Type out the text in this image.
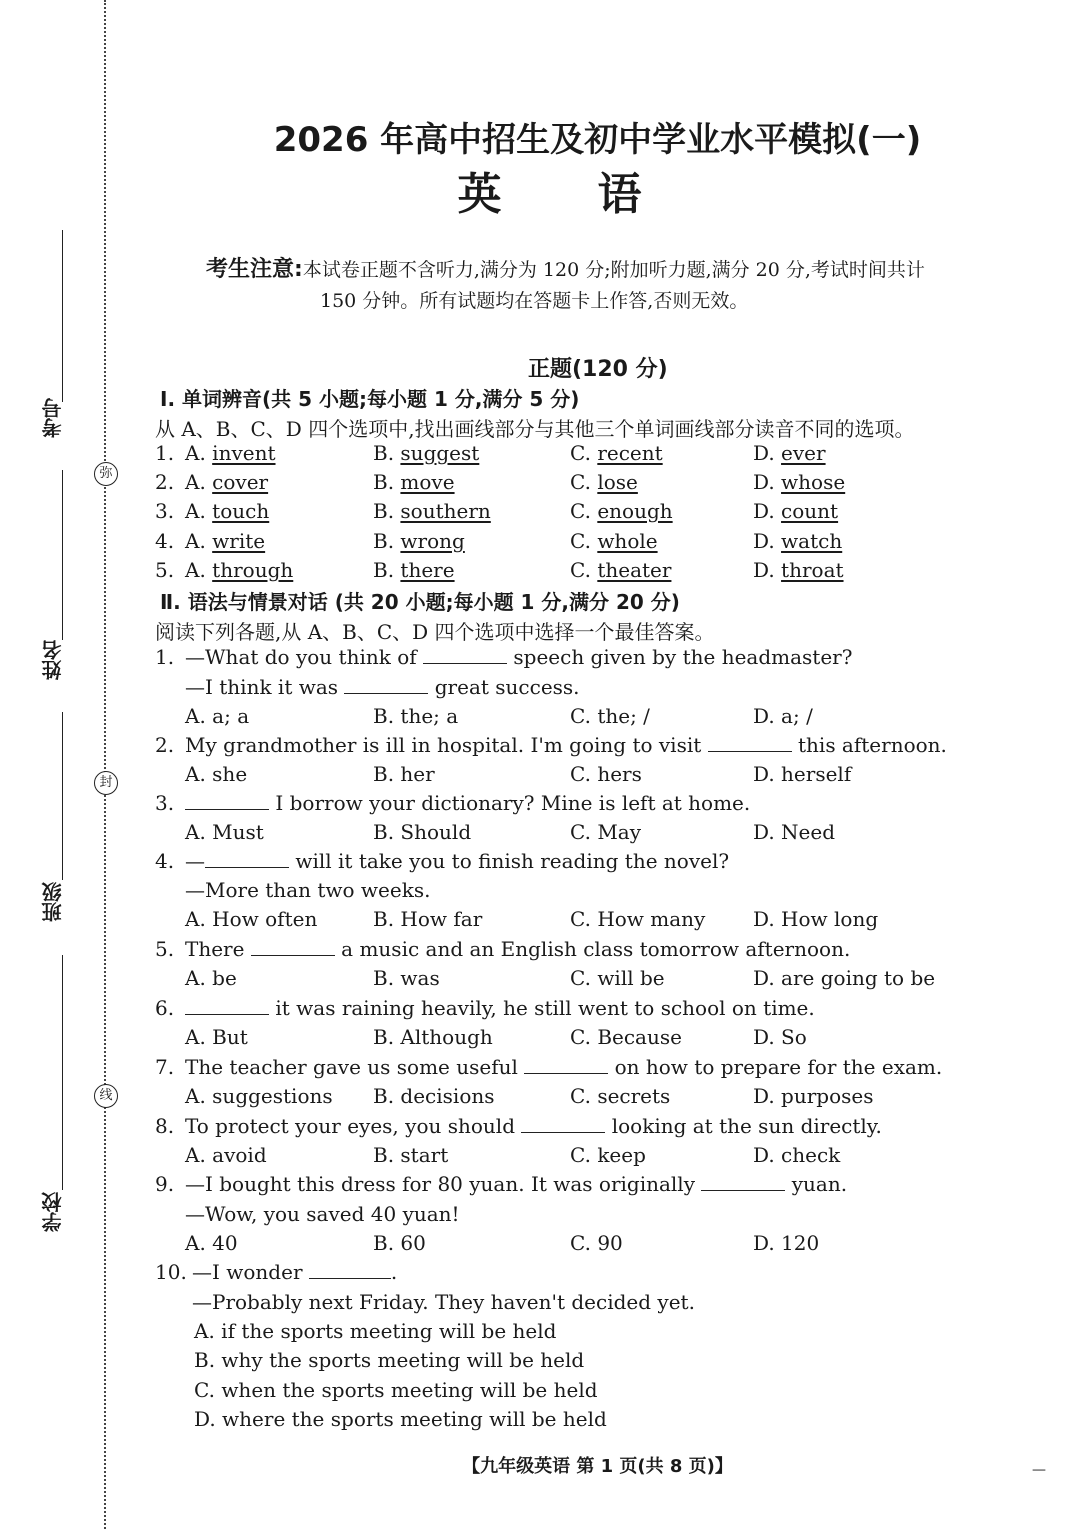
弥
封
线
考号
姓名
班级
学校
2026 年高中招生及初中学业水平模拟(一)
英语
考生注意:本试卷正题不含听力,满分为 120 分;附加听力题,满分 20 分,考试时间共计
150 分钟。所有试题均在答题卡上作答,否则无效。
正题(120 分)
Ⅰ. 单词辨音(共 5 小题;每小题 1 分,满分 5 分)
从 A、B、C、D 四个选项中,找出画线部分与其他三个单词画线部分读音不同的选项。
1. A. invent	B. suggest	C. recent	D. ever
2. A. cover	B. move	C. lose	D. whose
3. A. touch	B. southern	C. enough	D. count
4. A. write	B. wrong	C. whole	D. watch
5. A. through	B. there	C. theater	D. throat
Ⅱ. 语法与情景对话 (共 20 小题;每小题 1 分,满分 20 分)
阅读下列各题,从 A、B、C、D 四个选项中选择一个最佳答案。
1. —What do you think of	speech given by the headmaster?
—I think it was	great success.
A. a; a	B. the; a	C. the; /	D. a; /
2. My grandmother is ill in hospital. I'm going to visit	this afternoon.
A. she	B. her	C. hers	D. herself
3.	I borrow your dictionary? Mine is left at home.
A. Must	B. Should	C. May	D. Need
4. —	will it take you to finish reading the novel?
—More than two weeks.
A. How often	B. How far	C. How many D. How long
5. There	a music and an English class tomorrow afternoon.
A. be	B. was	C. will be	D. are going to be
6.	it was raining heavily, he still went to school on time.
A. But	B. Although	C. Because	D. So
7. The teacher gave us some useful	on how to prepare for the exam.
A. suggestions B. decisions	C. secrets	D. purposes
8. To protect your eyes, you should	looking at the sun directly.
A. avoid	B. start	C. keep	D. check
9. —I bought this dress for 80 yuan. It was originally	yuan.
—Wow, you saved 40 yuan!
A. 40	B. 60	C. 90	D. 120
10. —I wonder	.
—Probably next Friday. They haven't decided yet.
A. if the sports meeting will be held
B. why the sports meeting will be held
C. when the sports meeting will be held
D. where the sports meeting will be held
【九年级英语 第 1 页(共 8 页)】	—
